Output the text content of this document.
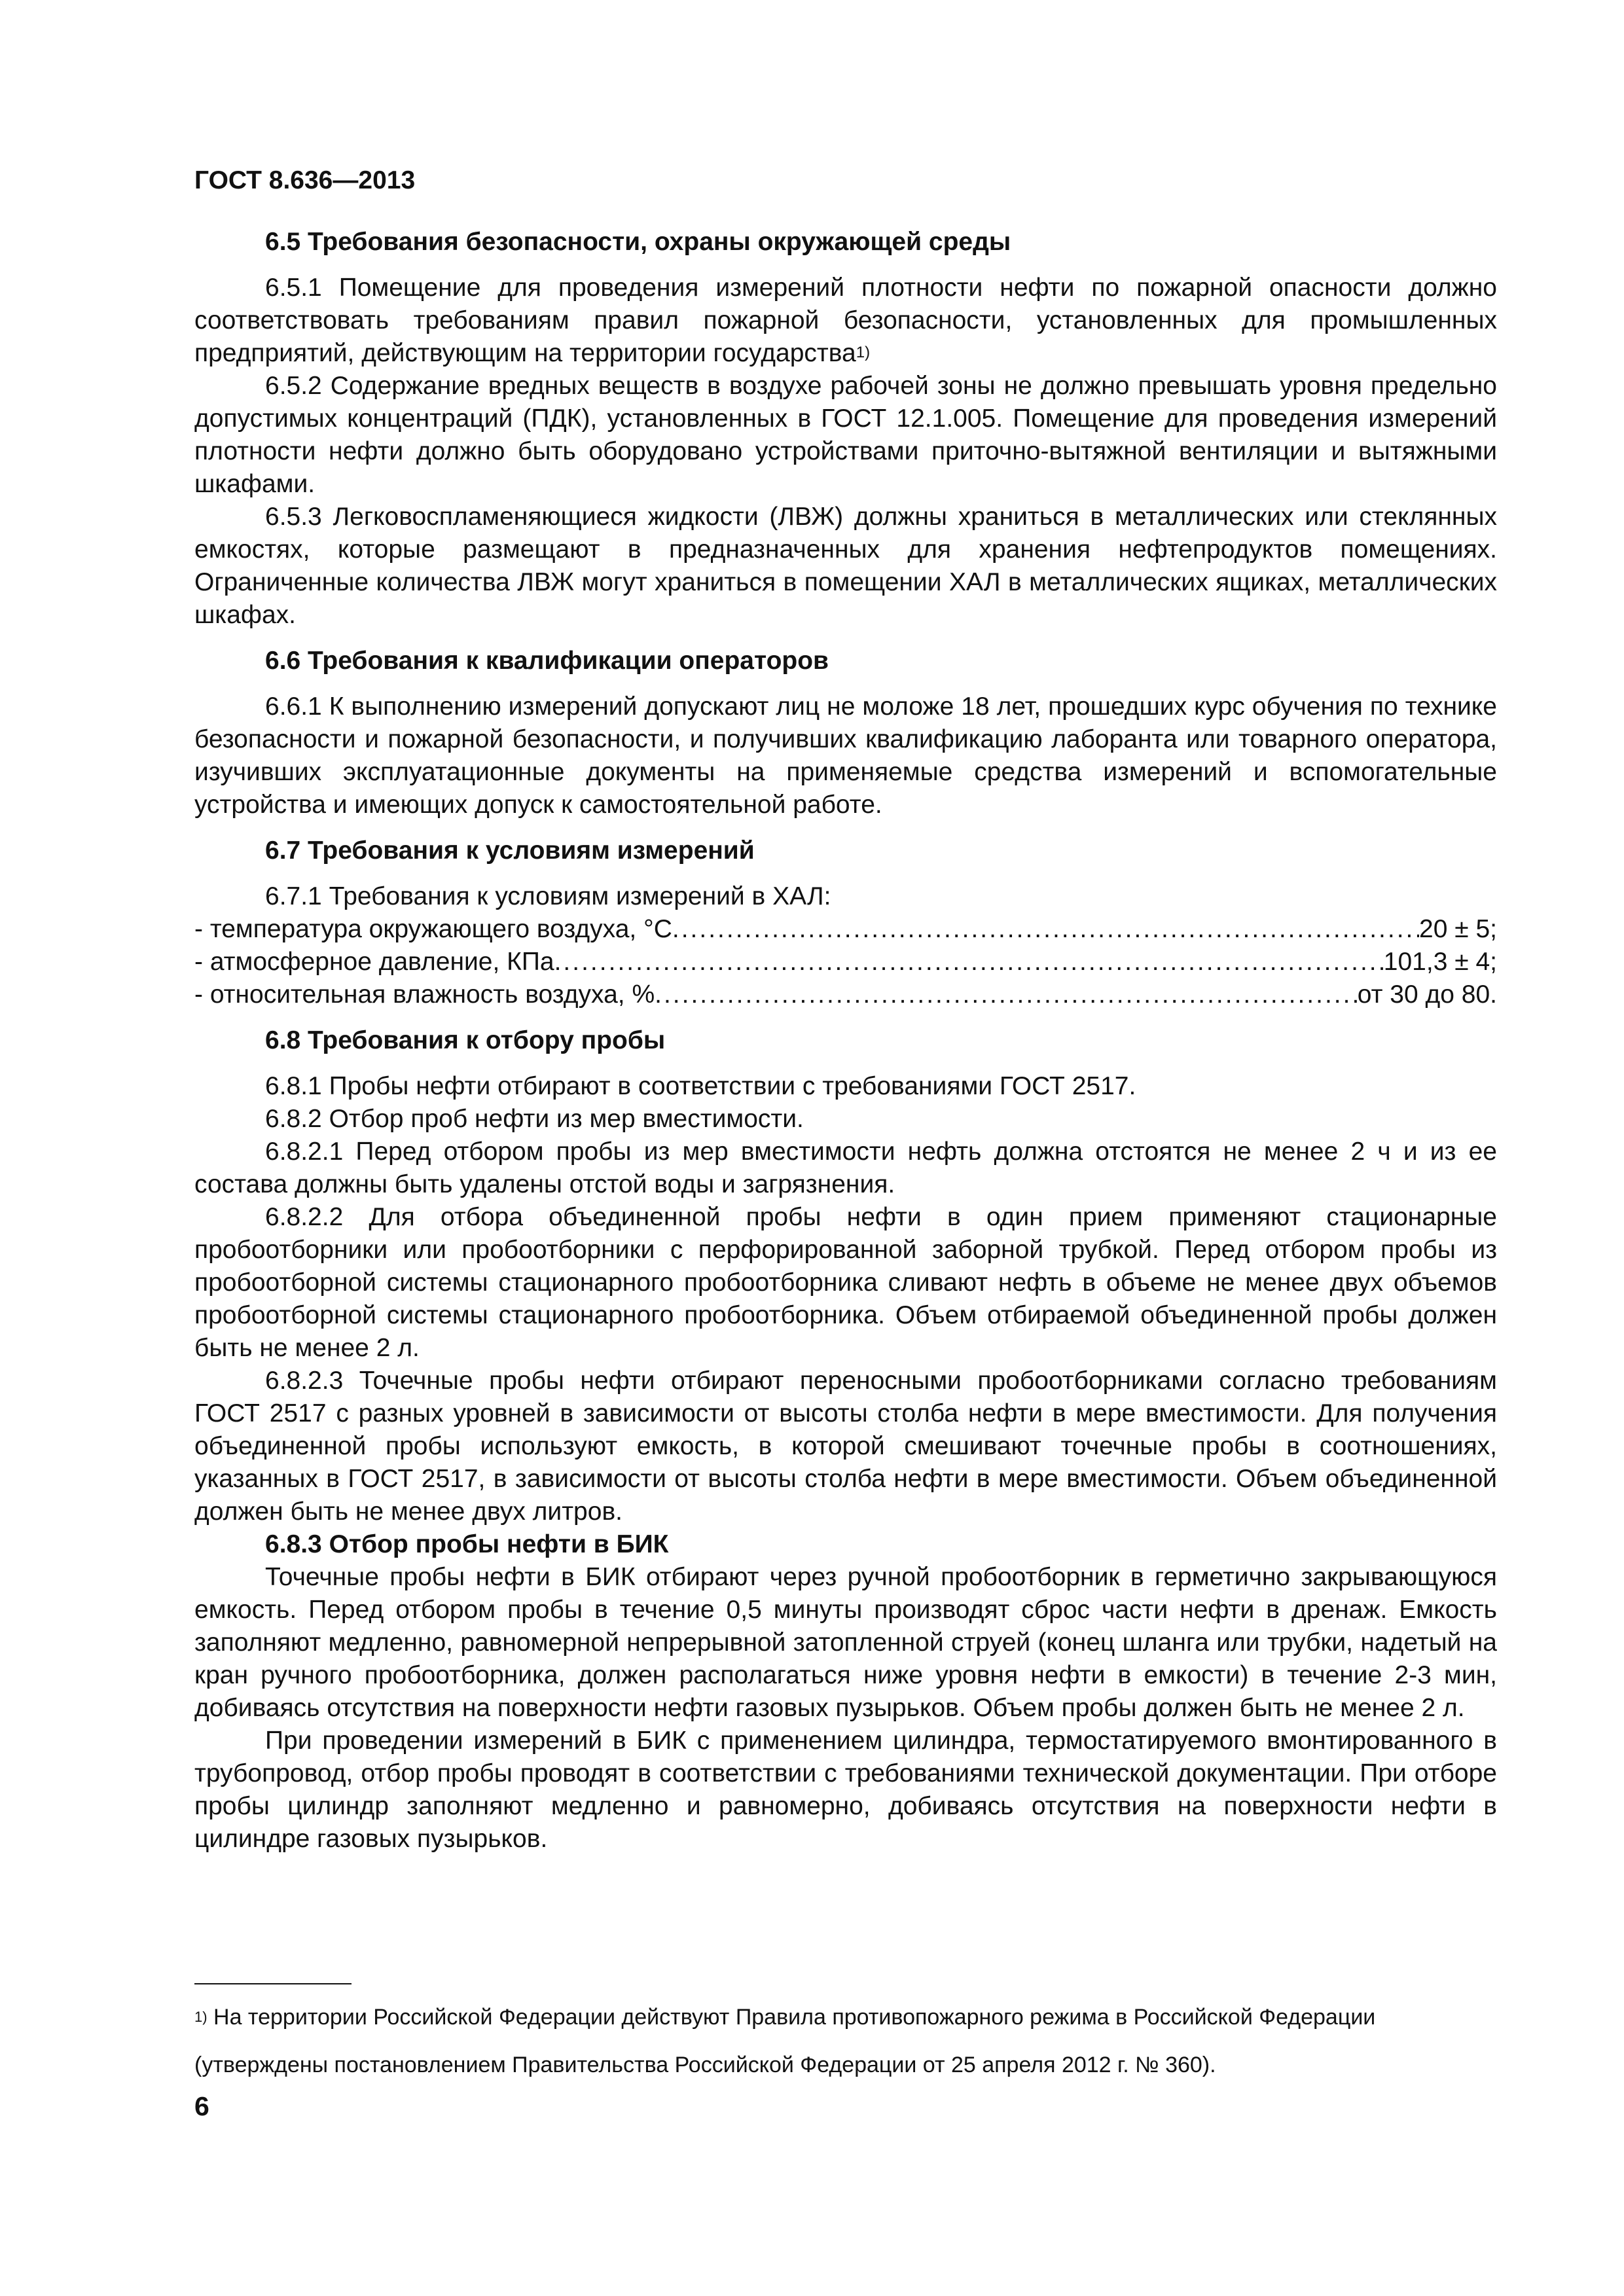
ГОСТ 8.636—2013

6.5 Требования безопасности, охраны окружающей среды

6.5.1 Помещение для проведения измерений плотности нефти по пожарной опасности должно соответствовать требованиям правил пожарной безопасности, установленных для промышленных предприятий, действующим на территории государства$^{1)}$

6.5.2 Содержание вредных веществ в воздухе рабочей зоны не должно превышать уровня предельно допустимых концентраций (ПДК), установленных в ГОСТ 12.1.005. Помещение для проведения измерений плотности нефти должно быть оборудовано устройствами приточно-вытяжной вентиляции и вытяжными шкафами.

6.5.3 Легковоспламеняющиеся жидкости (ЛВЖ) должны храниться в металлических или стеклянных емкостях, которые размещают в предназначенных для хранения нефтепродуктов помещениях. Ограниченные количества ЛВЖ могут храниться в помещении ХАЛ в металлических ящиках, металлических шкафах.

6.6 Требования к квалификации операторов

6.6.1 К выполнению измерений допускают лиц не моложе 18 лет, прошедших курс обучения по технике безопасности и пожарной безопасности, и получивших квалификацию лаборанта или товарного оператора, изучивших эксплуатационные документы на применяемые средства измерений и вспомогательные устройства и имеющих допуск к самостоятельной работе.

6.7 Требования к условиям измерений

6.7.1 Требования к условиям измерений в ХАЛ:

- температура окружающего воздуха, °С .....	20 ± 5;
- атмосферное давление, КПа .....	101,3 ± 4;
- относительная влажность воздуха, % .....	от 30 до 80.

6.8 Требования к отбору пробы

6.8.1 Пробы нефти отбирают в соответствии с требованиями ГОСТ 2517.

6.8.2 Отбор проб нефти из мер вместимости.

6.8.2.1 Перед отбором пробы из мер вместимости нефть должна отстоятся не менее 2 ч и из ее состава должны быть удалены отстой воды и загрязнения.

6.8.2.2 Для отбора объединенной пробы нефти в один прием применяют стационарные пробоотборники или пробоотборники с перфорированной заборной трубкой. Перед отбором пробы из пробоотборной системы стационарного пробоотборника сливают нефть в объеме не менее двух объемов пробоотборной системы стационарного пробоотборника. Объем отбираемой объединенной пробы должен быть не менее 2 л.

6.8.2.3 Точечные пробы нефти отбирают переносными пробоотборниками согласно требованиям ГОСТ 2517 с разных уровней в зависимости от высоты столба нефти в мере вместимости. Для получения объединенной пробы используют емкость, в которой смешивают точечные пробы в соотношениях, указанных в ГОСТ 2517, в зависимости от высоты столба нефти в мере вместимости. Объем объединенной должен быть не менее двух литров.

6.8.3 Отбор пробы нефти в БИК

Точечные пробы нефти в БИК отбирают через ручной пробоотборник в герметично закрывающуюся емкость. Перед отбором пробы в течение 0,5 минуты производят сброс части нефти в дренаж. Емкость заполняют медленно, равномерной непрерывной затопленной струей (конец шланга или трубки, надетый на кран ручного пробоотборника, должен располагаться ниже уровня нефти в емкости) в течение 2-3 мин, добиваясь отсутствия на поверхности нефти газовых пузырьков. Объем пробы должен быть не менее 2 л.

При проведении измерений в БИК с применением цилиндра, термостатируемого вмонтированного в трубопровод, отбор пробы проводят в соответствии с требованиями технической документации. При отборе пробы цилиндр заполняют медленно и равномерно, добиваясь отсутствия на поверхности нефти в цилиндре газовых пузырьков.

$^{1)}$ На территории Российской Федерации действуют Правила противопожарного режима в Российской Федерации (утверждены постановлением Правительства Российской Федерации от 25 апреля 2012 г. № 360).
6
